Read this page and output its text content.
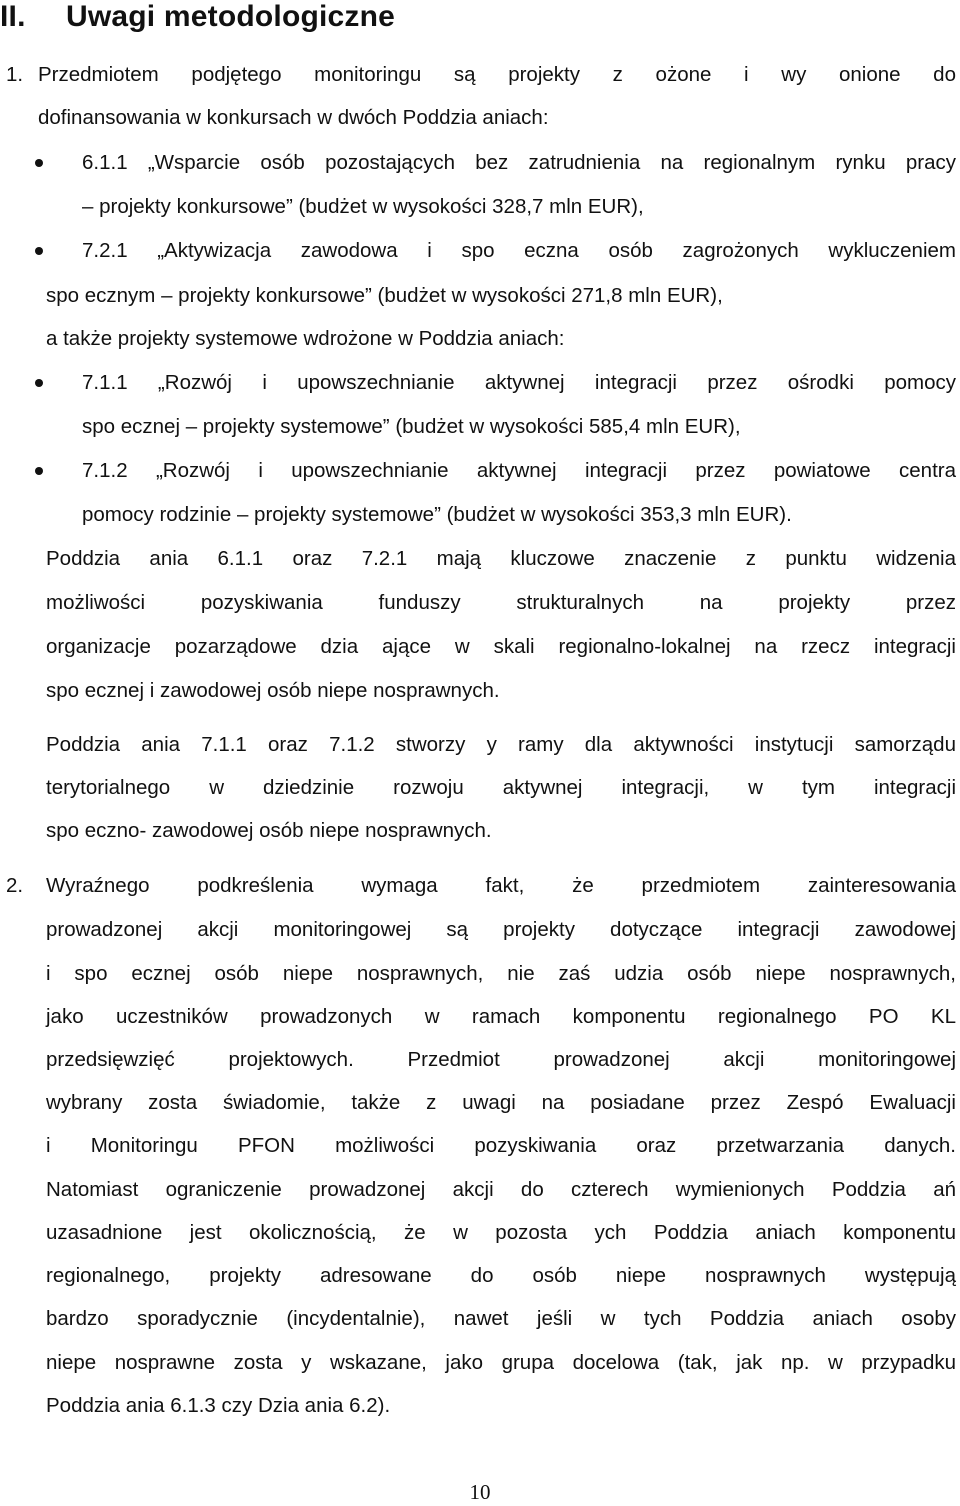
II. Uwagi metodologiczne
1. Przedmiotem podjętego monitoringu są projekty z ożone i wy onione do
dofinansowania w konkursach w dwóch Poddzia aniach:
6.1.1 „Wsparcie osób pozostających bez zatrudnienia na regionalnym rynku pracy
– projekty konkursowe” (budżet w wysokości 328,7 mln EUR),
7.2.1 „Aktywizacja zawodowa i spo eczna osób zagrożonych wykluczeniem
spo ecznym – projekty konkursowe” (budżet w wysokości 271,8 mln EUR),
a także projekty systemowe wdrożone w Poddzia aniach:
7.1.1 „Rozwój i upowszechnianie aktywnej integracji przez ośrodki pomocy
spo ecznej – projekty systemowe” (budżet w wysokości 585,4 mln EUR),
7.1.2 „Rozwój i upowszechnianie aktywnej integracji przez powiatowe centra
pomocy rodzinie – projekty systemowe” (budżet w wysokości 353,3 mln EUR).
Poddzia ania 6.1.1 oraz 7.2.1 mają kluczowe znaczenie z punktu widzenia
możliwości pozyskiwania funduszy strukturalnych na projekty przez
organizacje pozarządowe dzia ające w skali regionalno-lokalnej na rzecz integracji
spo ecznej i zawodowej osób niepe nosprawnych.
Poddzia ania 7.1.1 oraz 7.1.2 stworzy y ramy dla aktywności instytucji samorządu
terytorialnego w dziedzinie rozwoju aktywnej integracji, w tym integracji
spo eczno- zawodowej osób niepe nosprawnych.
2. Wyraźnego podkreślenia wymaga fakt, że przedmiotem zainteresowania
prowadzonej akcji monitoringowej są projekty dotyczące integracji zawodowej
i spo ecznej osób niepe nosprawnych, nie zaś udzia osób niepe nosprawnych,
jako uczestników prowadzonych w ramach komponentu regionalnego PO KL
przedsięwzięć projektowych. Przedmiot prowadzonej akcji monitoringowej
wybrany zosta świadomie, także z uwagi na posiadane przez Zespó Ewaluacji
i Monitoringu PFON możliwości pozyskiwania oraz przetwarzania danych.
Natomiast ograniczenie prowadzonej akcji do czterech wymienionych Poddzia ań
uzasadnione jest okolicznością, że w pozosta ych Poddzia aniach komponentu
regionalnego, projekty adresowane do osób niepe nosprawnych występują
bardzo sporadycznie (incydentalnie), nawet jeśli w tych Poddzia aniach osoby
niepe nosprawne zosta y wskazane, jako grupa docelowa (tak, jak np. w przypadku
Poddzia ania 6.1.3 czy Dzia ania 6.2).
10
